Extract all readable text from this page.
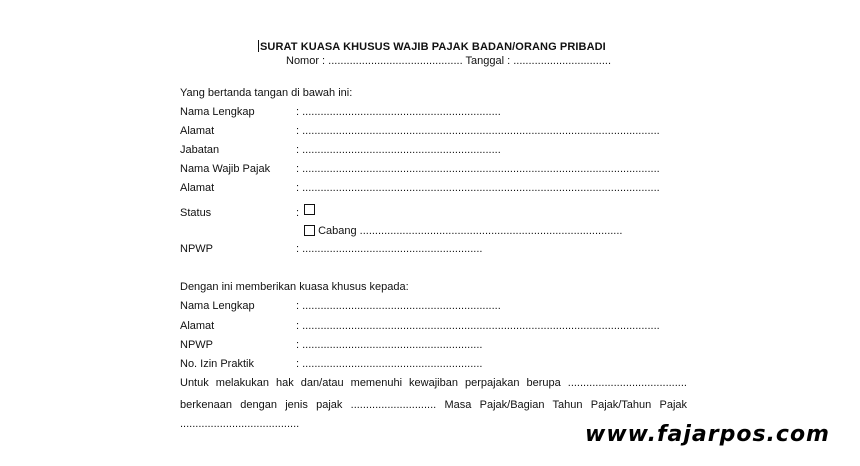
SURAT KUASA KHUSUS WAJIB PAJAK BADAN/ORANG PRIBADI
Nomor : ............................................ Tanggal : ................................
Yang bertanda tangan di bawah ini:
Nama Lengkap	: .................................................................
Alamat	: .....................................................................................................................
Jabatan	: .................................................................
Nama Wajib Pajak : .....................................................................................................................
Alamat	: .....................................................................................................................
Status	:
Cabang ......................................................................................
NPWP	: ...........................................................
Dengan ini memberikan kuasa khusus kepada:
Nama Lengkap	: .................................................................
Alamat	: .....................................................................................................................
NPWP	: ...........................................................
No. Izin Praktik	: ...........................................................
Untuk melakukan hak dan/atau memenuhi kewajiban perpajakan berupa .......................................
berkenaan dengan jenis pajak ............................ Masa Pajak/Bagian Tahun Pajak/Tahun Pajak
.......................................	www.fajarpos.com
